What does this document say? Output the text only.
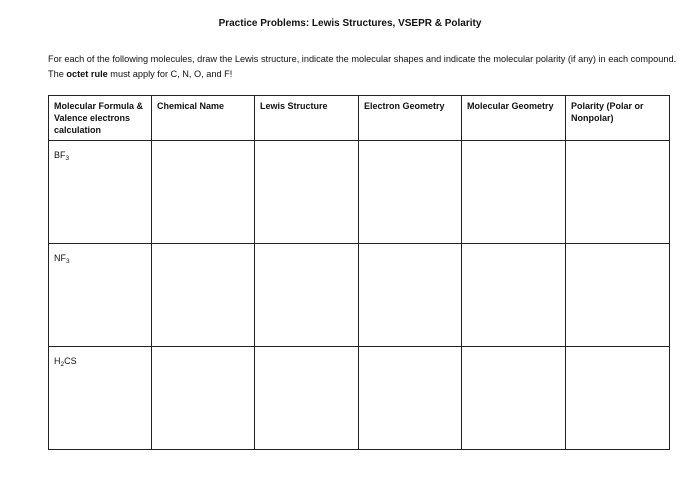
Practice Problems: Lewis Structures, VSEPR & Polarity
For each of the following molecules, draw the Lewis structure, indicate the molecular shapes and indicate the molecular polarity (if any) in each compound. The octet rule must apply for C, N, O, and F!
Molecular Formula & Valence electrons calculation	Chemical Name	Lewis Structure	Electron Geometry	Molecular Geometry	Polarity (Polar or Nonpolar)
$BF_3$					
$NF_3$					
$H_2CS$					
